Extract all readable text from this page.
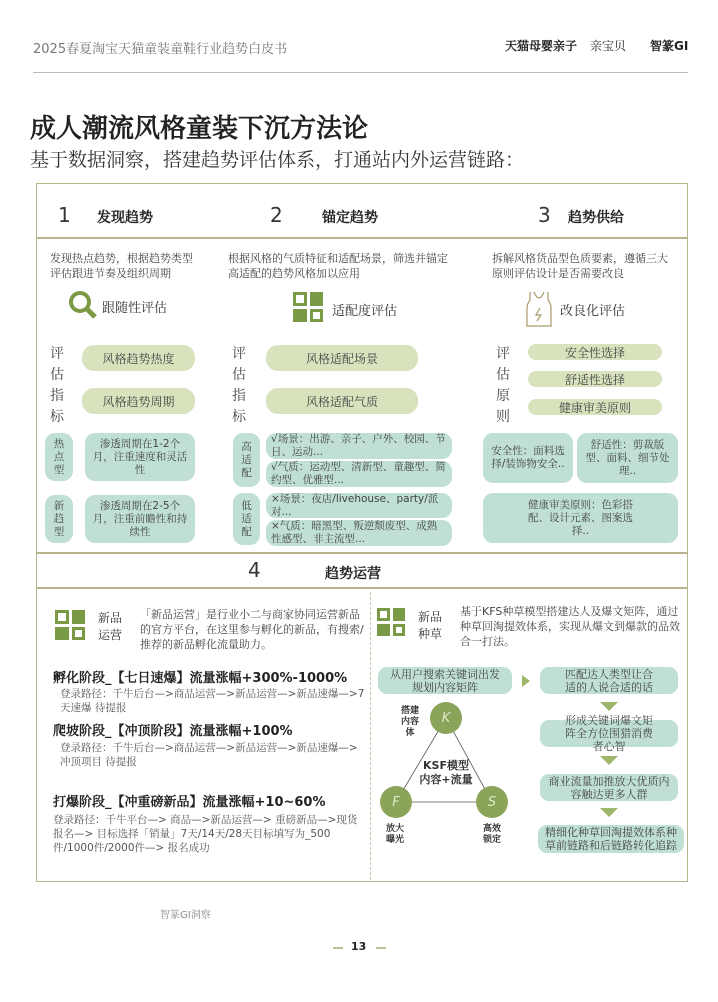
2025春夏淘宝天猫童装童鞋行业趋势白皮书	天猫母婴亲子 亲宝贝 智篆GI
成人潮流风格童装下沉方法论
基于数据洞察，搭建趋势评估体系，打通站内外运营链路：
1 发现趋势	2	锚定趋势	3 趋势供给
发现热点趋势，根据趋势类型评估跟进节奏及组织周期
根据风格的气质特征和适配场景，筛选并锚定高适配的趋势风格加以应用
拆解风格货品型色质要素，遵循三大原则评估设计是否需要改良
跟随性评估	适配度评估	改良化评估
评估指标
风格趋势热度
风格趋势周期
评估指标
风格适配场景
风格适配气质
评估原则
安全性选择
舒适性选择
健康审美原则
热点型
渗透周期在1-2个月，注重速度和灵活性
新趋型
渗透周期在2-5个月，注重前瞻性和持续性
高适配
√场景：出游、亲子、户外、校园、节日、运动...
√气质：运动型、清新型、童趣型、简约型、优雅型...
低适配
×场景：夜店/livehouse、party/派对...
×气质：暗黑型、叛逆颓废型、成熟性感型、非主流型...
安全性：面料选择/装饰物安全..
舒适性：剪裁版型、面料、细节处理..
健康审美原则：色彩搭配、设计元素、图案选择..
4	趋势运营
新品运营
「新品运营」是行业小二与商家协同运营新品的官方平台，在这里参与孵化的新品，有搜索/推荐的新品孵化流量助力。
孵化阶段_【七日速爆】流量涨幅+300%-1000%
登录路径：千牛后台—>商品运营—>新品运营—>新品速爆—>7天速爆 待提报
爬坡阶段_【冲顶阶段】流量涨幅+100%
登录路径：千牛后台—>商品运营—>新品运营—>新品速爆—>冲顶项目 待提报
打爆阶段_【冲重磅新品】流量涨幅+10~60%
登录路径：千牛平台—> 商品—>新品运营—> 重磅新品—>现货报名—> 目标选择「销量」7天/14天/28天目标填写为_500件/1000件/2000件—> 报名成功
新品种草
基于KFS种草模型搭建达人及爆文矩阵，通过种草回淘提效体系，实现从爆文到爆款的品效合一打法。
从用户搜索关键词出发规划内容矩阵
匹配达人类型让合适的人说合适的话
形成关键词爆文矩阵全方位围猎消费者心智
商业流量加推放大优质内容触达更多人群
精细化种草回淘提效体系种草前链路和后链路转化追踪
K
F	S
搭建内容体
放大曝光
高效锁定
KSF模型
内容+流量
智篆GI洞察
13
